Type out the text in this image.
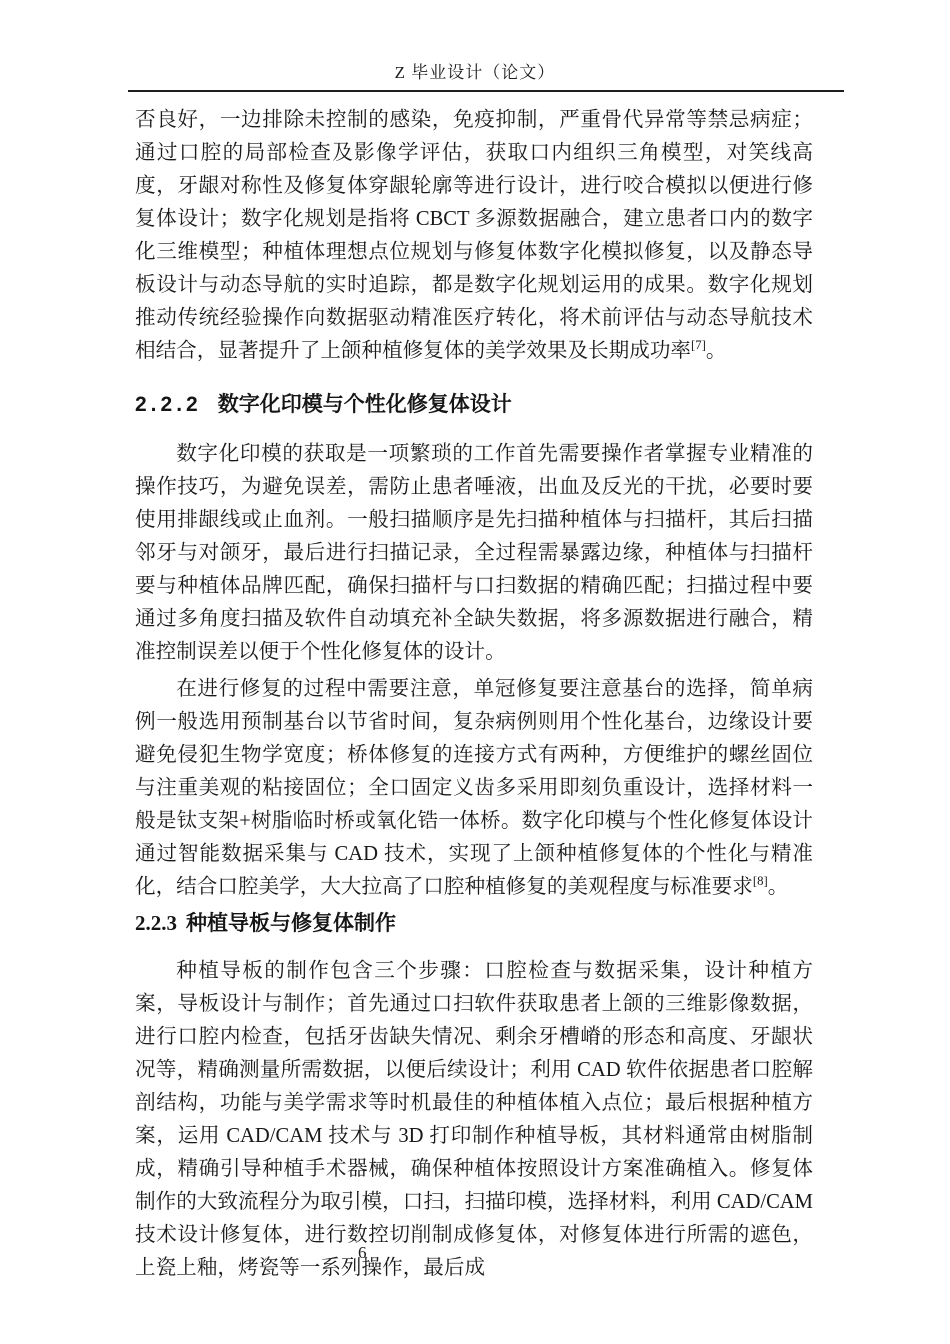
Z 毕业设计（论文）

否良好，一边排除未控制的感染，免疫抑制，严重骨代异常等禁忌病症；通过口腔的局部检查及影像学评估，获取口内组织三角模型，对笑线高度，牙龈对称性及修复体穿龈轮廓等进行设计，进行咬合模拟以便进行修复体设计；数字化规划是指将 CBCT 多源数据融合，建立患者口内的数字化三维模型；种植体理想点位规划与修复体数字化模拟修复，以及静态导板设计与动态导航的实时追踪，都是数字化规划运用的成果。数字化规划推动传统经验操作向数据驱动精准医疗转化，将术前评估与动态导航技术相结合，显著提升了上颌种植修复体的美学效果及长期成功率[7]。

2.2.2 数字化印模与个性化修复体设计

数字化印模的获取是一项繁琐的工作首先需要操作者掌握专业精准的操作技巧，为避免误差，需防止患者唾液，出血及反光的干扰，必要时要使用排龈线或止血剂。一般扫描顺序是先扫描种植体与扫描杆，其后扫描邻牙与对颌牙，最后进行扫描记录，全过程需暴露边缘，种植体与扫描杆要与种植体品牌匹配，确保扫描杆与口扫数据的精确匹配；扫描过程中要通过多角度扫描及软件自动填充补全缺失数据，将多源数据进行融合，精准控制误差以便于个性化修复体的设计。

在进行修复的过程中需要注意，单冠修复要注意基台的选择，简单病例一般选用预制基台以节省时间，复杂病例则用个性化基台，边缘设计要避免侵犯生物学宽度；桥体修复的连接方式有两种，方便维护的螺丝固位与注重美观的粘接固位；全口固定义齿多采用即刻负重设计，选择材料一般是钛支架+树脂临时桥或氧化锆一体桥。数字化印模与个性化修复体设计通过智能数据采集与 CAD 技术，实现了上颌种植修复体的个性化与精准化，结合口腔美学，大大拉高了口腔种植修复的美观程度与标准要求[8]。

2.2.3 种植导板与修复体制作

种植导板的制作包含三个步骤：口腔检查与数据采集，设计种植方案，导板设计与制作；首先通过口扫软件获取患者上颌的三维影像数据，进行口腔内检查，包括牙齿缺失情况、剩余牙槽嵴的形态和高度、牙龈状况等，精确测量所需数据，以便后续设计；利用 CAD 软件依据患者口腔解剖结构，功能与美学需求等时机最佳的种植体植入点位；最后根据种植方案，运用 CAD/CAM 技术与 3D 打印制作种植导板，其材料通常由树脂制成，精确引导种植手术器械，确保种植体按照设计方案准确植入。修复体制作的大致流程分为取引模，口扫，扫描印模，选择材料，利用 CAD/CAM 技术设计修复体，进行数控切削制成修复体，对修复体进行所需的遮色，上瓷上釉，烤瓷等一系列操作，最后成

6
